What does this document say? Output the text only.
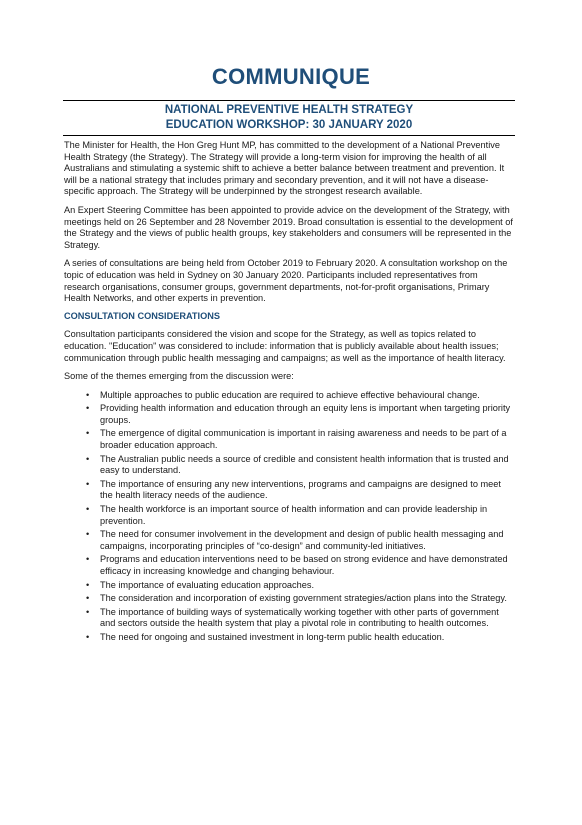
COMMUNIQUE
NATIONAL PREVENTIVE HEALTH STRATEGY
EDUCATION WORKSHOP: 30 JANUARY 2020

The Minister for Health, the Hon Greg Hunt MP, has committed to the development of a National Preventive Health Strategy (the Strategy). The Strategy will provide a long-term vision for improving the health of all Australians and stimulating a systemic shift to achieve a better balance between treatment and prevention. It will be a national strategy that includes primary and secondary prevention, and it will not have a disease-specific approach. The Strategy will be underpinned by the strongest research available.

An Expert Steering Committee has been appointed to provide advice on the development of the Strategy, with meetings held on 26 September and 28 November 2019. Broad consultation is essential to the development of the Strategy and the views of public health groups, key stakeholders and consumers will be represented in the Strategy.

A series of consultations are being held from October 2019 to February 2020. A consultation workshop on the topic of education was held in Sydney on 30 January 2020. Participants included representatives from research organisations, consumer groups, government departments, not-for-profit organisations, Primary Health Networks, and other experts in prevention.

CONSULTATION CONSIDERATIONS

Consultation participants considered the vision and scope for the Strategy, as well as topics related to education. "Education" was considered to include: information that is publicly available about health issues; communication through public health messaging and campaigns; as well as the importance of health literacy.

Some of the themes emerging from the discussion were:

• Multiple approaches to public education are required to achieve effective behavioural change.
• Providing health information and education through an equity lens is important when targeting priority groups.
• The emergence of digital communication is important in raising awareness and needs to be part of a broader education approach.
• The Australian public needs a source of credible and consistent health information that is trusted and easy to understand.
• The importance of ensuring any new interventions, programs and campaigns are designed to meet the health literacy needs of the audience.
• The health workforce is an important source of health information and can provide leadership in prevention.
• The need for consumer involvement in the development and design of public health messaging and campaigns, incorporating principles of “co-design” and community-led initiatives.
• Programs and education interventions need to be based on strong evidence and have demonstrated efficacy in increasing knowledge and changing behaviour.
• The importance of evaluating education approaches.
• The consideration and incorporation of existing government strategies/action plans into the Strategy.
• The importance of building ways of systematically working together with other parts of government and sectors outside the health system that play a pivotal role in contributing to health outcomes.
• The need for ongoing and sustained investment in long-term public health education.
